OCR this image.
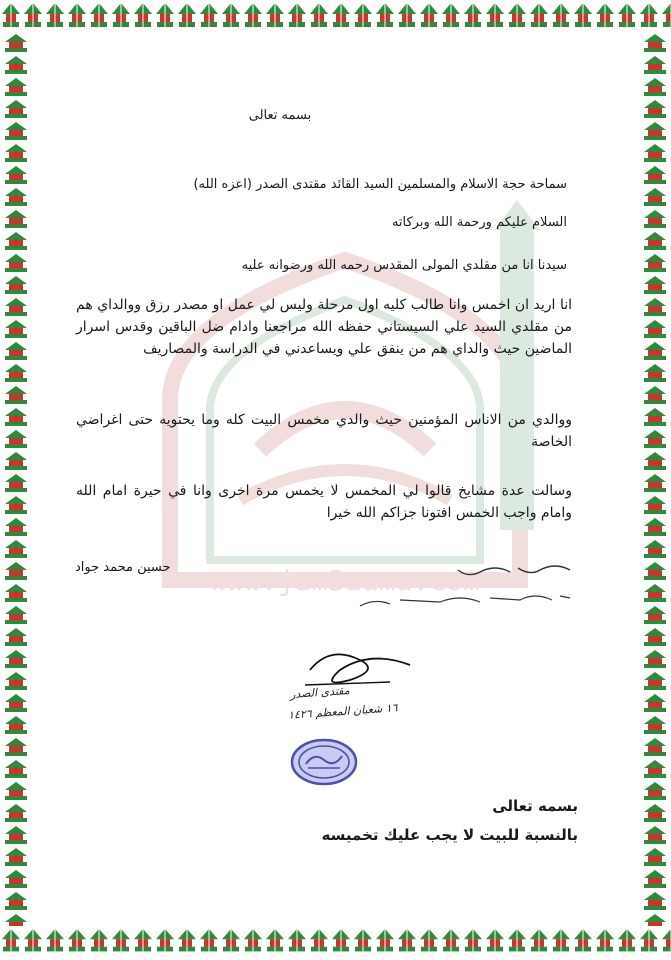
www.jam3aama.com
بسمه تعالى
سماحة حجة الاسلام والمسلمين السيد القائد مقتدى الصدر (اعزه الله)
السلام عليكم ورحمة الله وبركاته
سيدنا انا من مقلدي المولى المقدس رحمه الله ورضوانه عليه
انا اريد ان اخمس وانا طالب كليه اول مرحلة وليس لي عمل او مصدر رزق ووالداي هم من مقلدي السيد علي السيستاني حفظه الله مراجعنا وادام ضل الباقين وقدس اسرار الماضين حيث والداي هم من ينفق علي ويساعدني في الدراسة والمصاريف
ووالدي من الاناس المؤمنين حيث والدي مخمس البيت كله وما يحتويه حتى اغراضي الخاصة
وسالت عدة مشايخ قالوا لي المخمس لا يخمس مرة اخرى وانا في حيرة امام الله وامام واجب الخمس افتونا جزاكم الله خيرا
حسين محمد جواد
مقتدى الصدر
١٦ شعبان المعظم ١٤٢٦
بسمه تعالى
بالنسبة للبيت لا يجب عليك تخميسه
